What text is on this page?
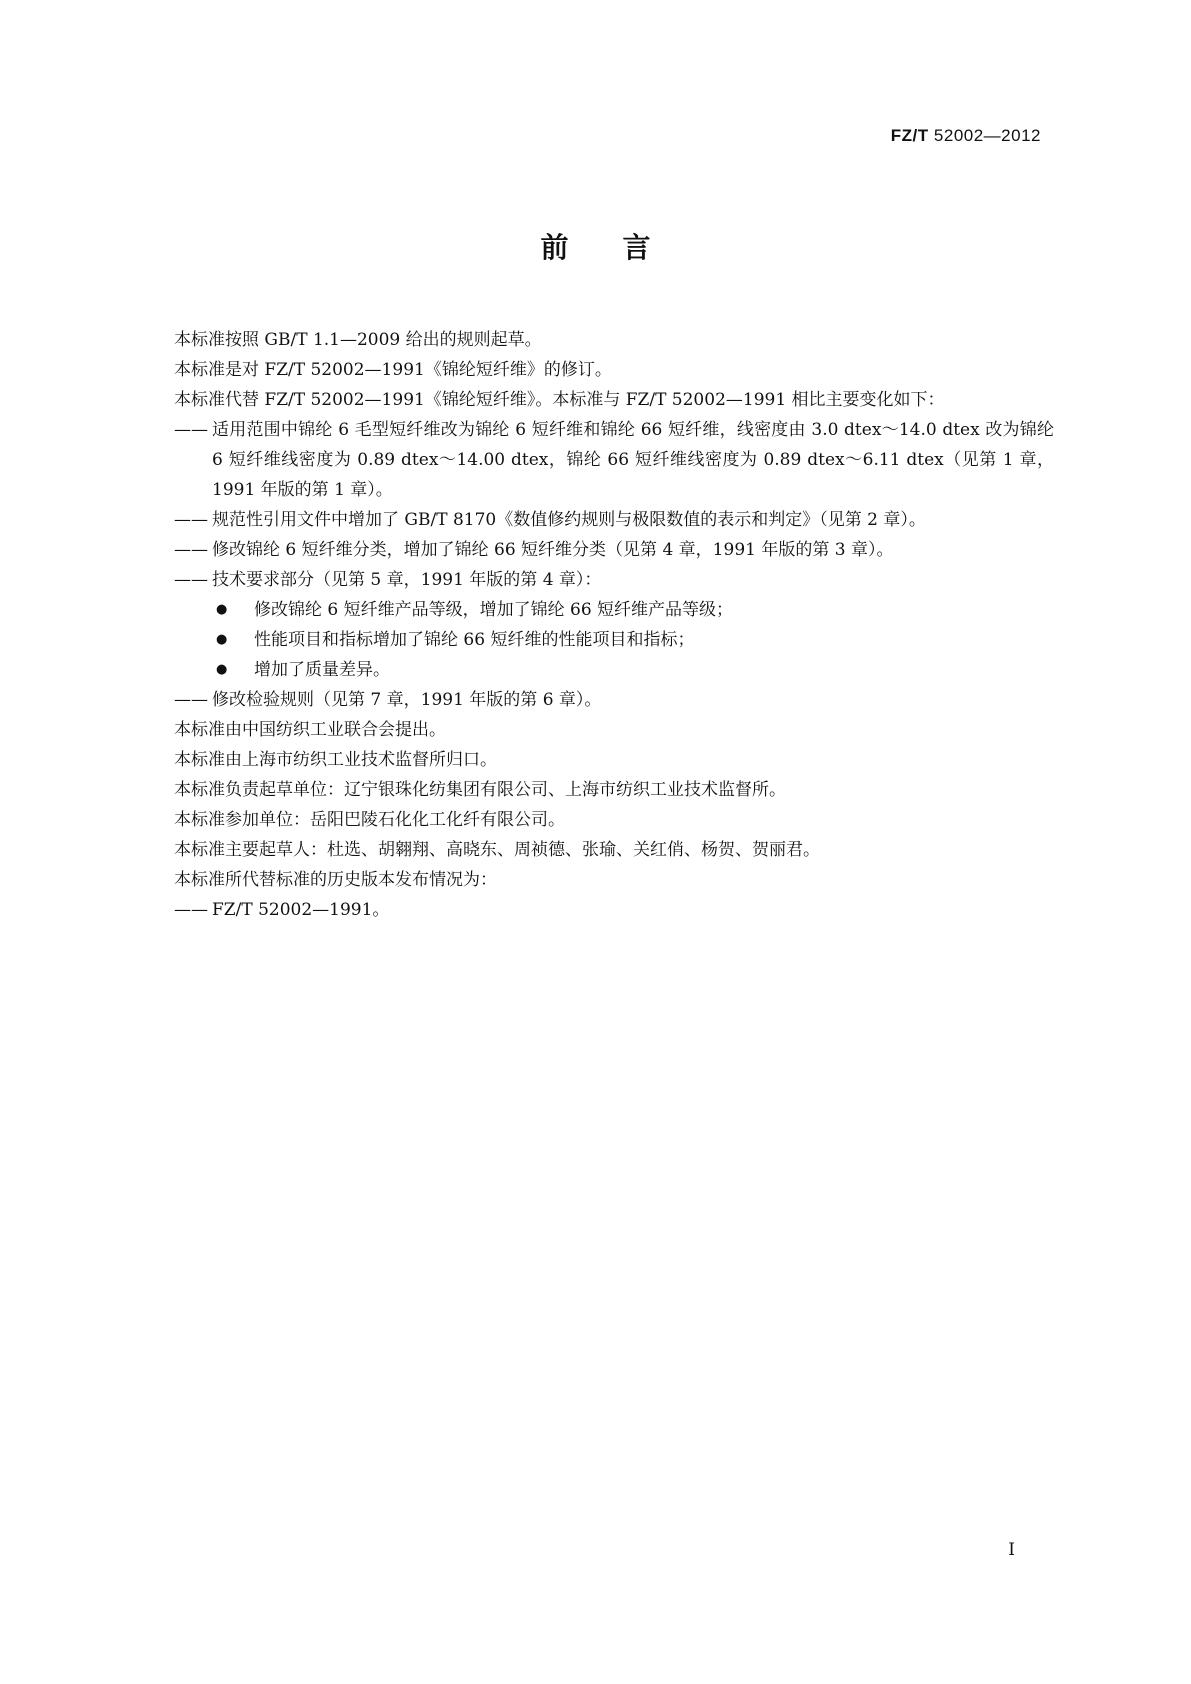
FZ/T 52002—2012
前言
本标准按照 GB/T 1.1—2009 给出的规则起草。
本标准是对 FZ/T 52002—1991《锦纶短纤维》的修订。
本标准代替 FZ/T 52002—1991《锦纶短纤维》。本标准与 FZ/T 52002—1991 相比主要变化如下：
—— 适用范围中锦纶 6 毛型短纤维改为锦纶 6 短纤维和锦纶 66 短纤维，线密度由 3.0 dtex～14.0 dtex 改为锦纶 6 短纤维线密度为 0.89 dtex～14.00 dtex，锦纶 66 短纤维线密度为 0.89 dtex～6.11 dtex（见第 1 章，1991 年版的第 1 章）。
—— 规范性引用文件中增加了 GB/T 8170《数值修约规则与极限数值的表示和判定》（见第 2 章）。
—— 修改锦纶 6 短纤维分类，增加了锦纶 66 短纤维分类（见第 4 章，1991 年版的第 3 章）。
—— 技术要求部分（见第 5 章，1991 年版的第 4 章）：
●	修改锦纶 6 短纤维产品等级，增加了锦纶 66 短纤维产品等级；
●	性能项目和指标增加了锦纶 66 短纤维的性能项目和指标；
●	增加了质量差异。
—— 修改检验规则（见第 7 章，1991 年版的第 6 章）。
本标准由中国纺织工业联合会提出。
本标准由上海市纺织工业技术监督所归口。
本标准负责起草单位：辽宁银珠化纺集团有限公司、上海市纺织工业技术监督所。
本标准参加单位：岳阳巴陵石化化工化纤有限公司。
本标准主要起草人：杜选、胡翱翔、高晓东、周祯德、张瑜、关红俏、杨贺、贺丽君。
本标准所代替标准的历史版本发布情况为：
—— FZ/T 52002—1991。
Ⅰ
